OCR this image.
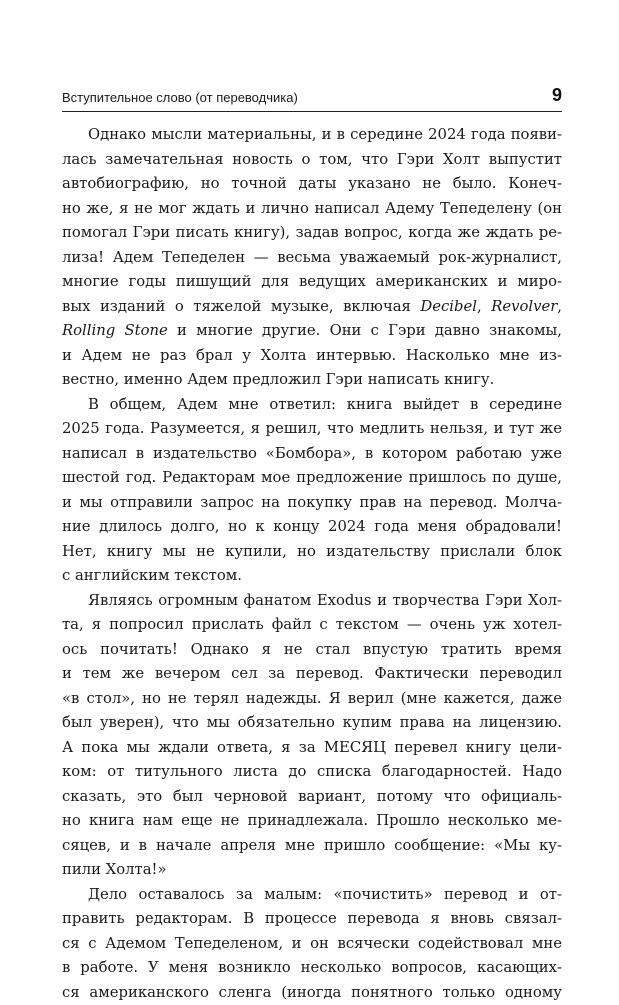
Вступительное слово (от переводчика)	9
Однако мысли материальны, и в середине 2024 года появи-
лась замечательная новость о том, что Гэри Холт выпустит
автобиографию, но точной даты указано не было. Конеч-
но же, я не мог ждать и лично написал Адему Тепеделену (он
помогал Гэри писать книгу), задав вопрос, когда же ждать ре-
лиза! Адем Тепеделен — весьма уважаемый рок-журналист,
многие годы пишущий для ведущих американских и миро-
вых изданий о тяжелой музыке, включая Decibel, Revolver,
Rolling Stone и многие другие. Они с Гэри давно знакомы,
и Адем не раз брал у Холта интервью. Насколько мне из-
вестно, именно Адем предложил Гэри написать книгу.
В общем, Адем мне ответил: книга выйдет в середине
2025 года. Разумеется, я решил, что медлить нельзя, и тут же
написал в издательство «Бомбора», в котором работаю уже
шестой год. Редакторам мое предложение пришлось по душе,
и мы отправили запрос на покупку прав на перевод. Молча-
ние длилось долго, но к концу 2024 года меня обрадовали!
Нет, книгу мы не купили, но издательству прислали блок
с английским текстом.
Являясь огромным фанатом Exodus и творчества Гэри Хол-
та, я попросил прислать файл с текстом — очень уж хотел-
ось почитать! Однако я не стал впустую тратить время
и тем же вечером сел за перевод. Фактически переводил
«в стол», но не терял надежды. Я верил (мне кажется, даже
был уверен), что мы обязательно купим права на лицензию.
А пока мы ждали ответа, я за МЕСЯЦ перевел книгу цели-
ком: от титульного листа до списка благодарностей. Надо
сказать, это был черновой вариант, потому что официаль-
но книга нам еще не принадлежала. Прошло несколько ме-
сяцев, и в начале апреля мне пришло сообщение: «Мы ку-
пили Холта!»
Дело оставалось за малым: «почистить» перевод и от-
править редакторам. В процессе перевода я вновь связал-
ся с Адемом Тепеделеном, и он всячески содействовал мне
в работе. У меня возникло несколько вопросов, касающих-
ся американского сленга (иногда понятного только одному
